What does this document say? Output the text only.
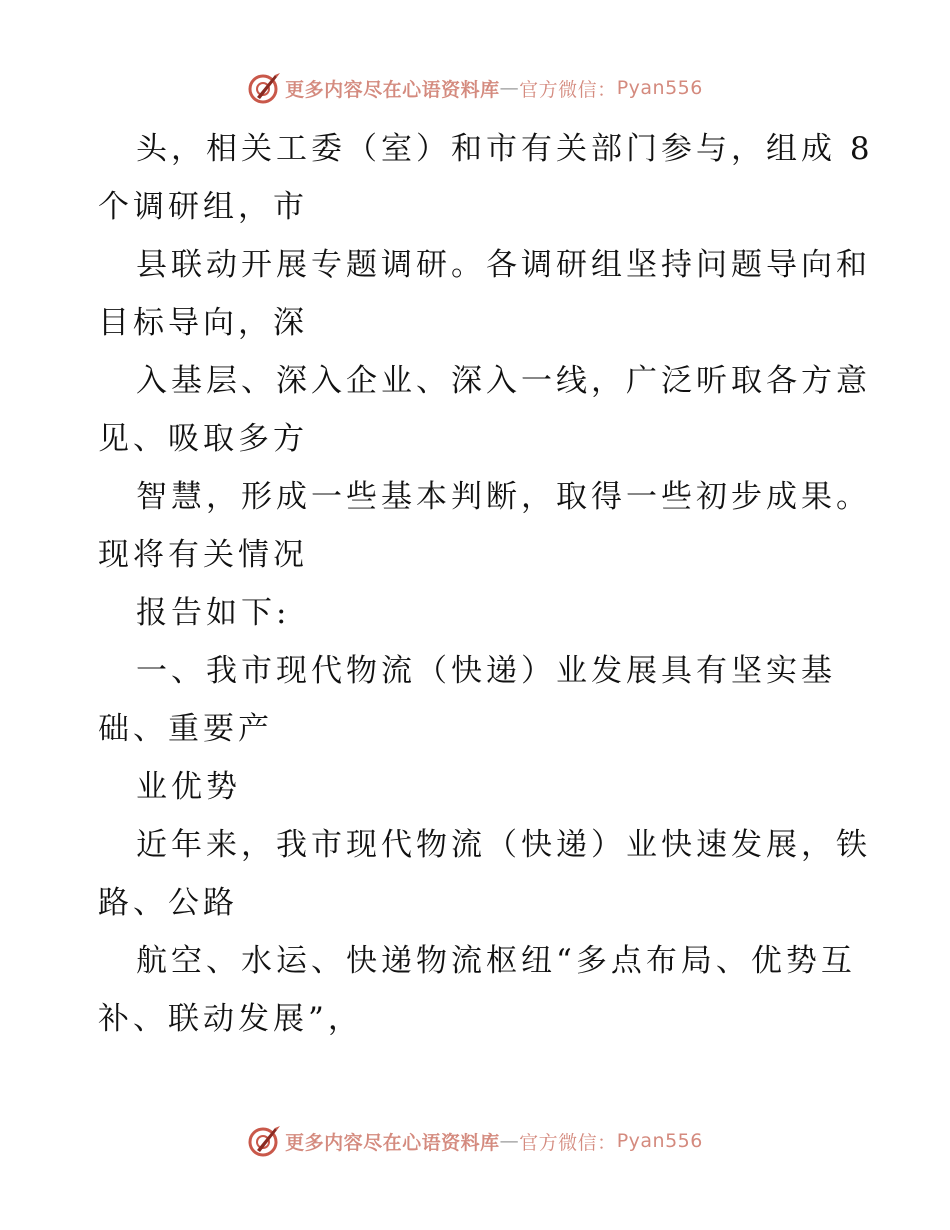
更多内容尽在心语资料库 — 官方微信： Pyan556
头，相关工委（室）和市有关部门参与，组成 8
个调研组，市
县联动开展专题调研。各调研组坚持问题导向和
目标导向，深
入基层、深入企业、深入一线，广泛听取各方意
见、吸取多方
智慧，形成一些基本判断，取得一些初步成果。
现将有关情况
报告如下:
一、我市现代物流（快递）业发展具有坚实基
础、重要产
业优势
近年来，我市现代物流（快递）业快速发展，铁
路、公路
航空、水运、快递物流枢纽“多点布局、优势互
补、联动发展”，
更多内容尽在心语资料库 — 官方微信： Pyan556
